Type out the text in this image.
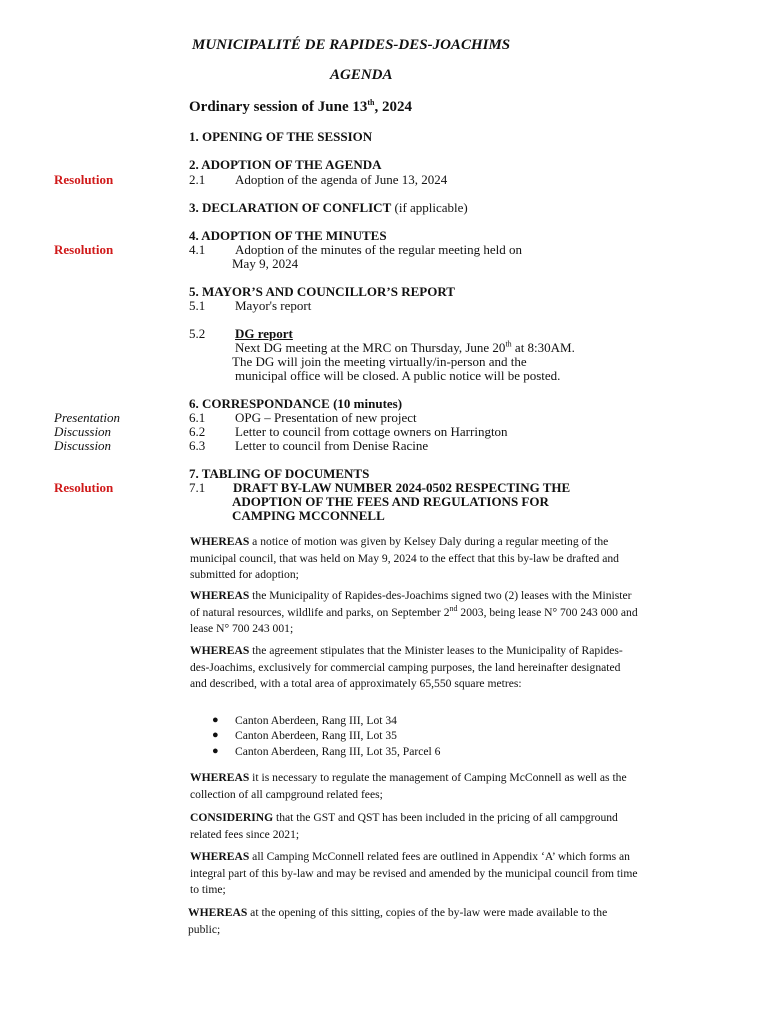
MUNICIPALITÉ DE RAPIDES-DES-JOACHIMS
AGENDA
Ordinary session of June 13th, 2024
1. OPENING OF THE SESSION
2. ADOPTION OF THE AGENDA
Resolution	2.1 Adoption of the agenda of June 13, 2024
3. DECLARATION OF CONFLICT (if applicable)
4. ADOPTION OF THE MINUTES
Resolution	4.1 Adoption of the minutes of the regular meeting held on
May 9, 2024
5. MAYOR’S AND COUNCILLOR’S REPORT
5.1 Mayor's report
5.2 DG report
Next DG meeting at the MRC on Thursday, June 20th at 8:30AM.
The DG will join the meeting virtually/in-person and the
municipal office will be closed. A public notice will be posted.
6. CORRESPONDANCE (10 minutes)
Presentation	6.1 OPG – Presentation of new project
Discussion	6.2 Letter to council from cottage owners on Harrington
Discussion	6.3 Letter to council from Denise Racine
7. TABLING OF DOCUMENTS
Resolution	7.1 DRAFT BY-LAW NUMBER 2024-0502 RESPECTING THE
ADOPTION OF THE FEES AND REGULATIONS FOR
CAMPING MCCONNELL
WHEREAS a notice of motion was given by Kelsey Daly during a regular meeting of the municipal council, that was held on May 9, 2024 to the effect that this by-law be drafted and submitted for adoption;
WHEREAS the Municipality of Rapides-des-Joachims signed two (2) leases with the Minister of natural resources, wildlife and parks, on September 2nd 2003, being lease N° 700 243 000 and lease N° 700 243 001;
WHEREAS the agreement stipulates that the Minister leases to the Municipality of Rapides-des-Joachims, exclusively for commercial camping purposes, the land hereinafter designated and described, with a total area of approximately 65,550 square metres:
● Canton Aberdeen, Rang III, Lot 34
● Canton Aberdeen, Rang III, Lot 35
● Canton Aberdeen, Rang III, Lot 35, Parcel 6
WHEREAS it is necessary to regulate the management of Camping McConnell as well as the collection of all campground related fees;
CONSIDERING that the GST and QST has been included in the pricing of all campground related fees since 2021;
WHEREAS all Camping McConnell related fees are outlined in Appendix ‘A’ which forms an integral part of this by-law and may be revised and amended by the municipal council from time to time;
WHEREAS at the opening of this sitting, copies of the by-law were made available to the public;
